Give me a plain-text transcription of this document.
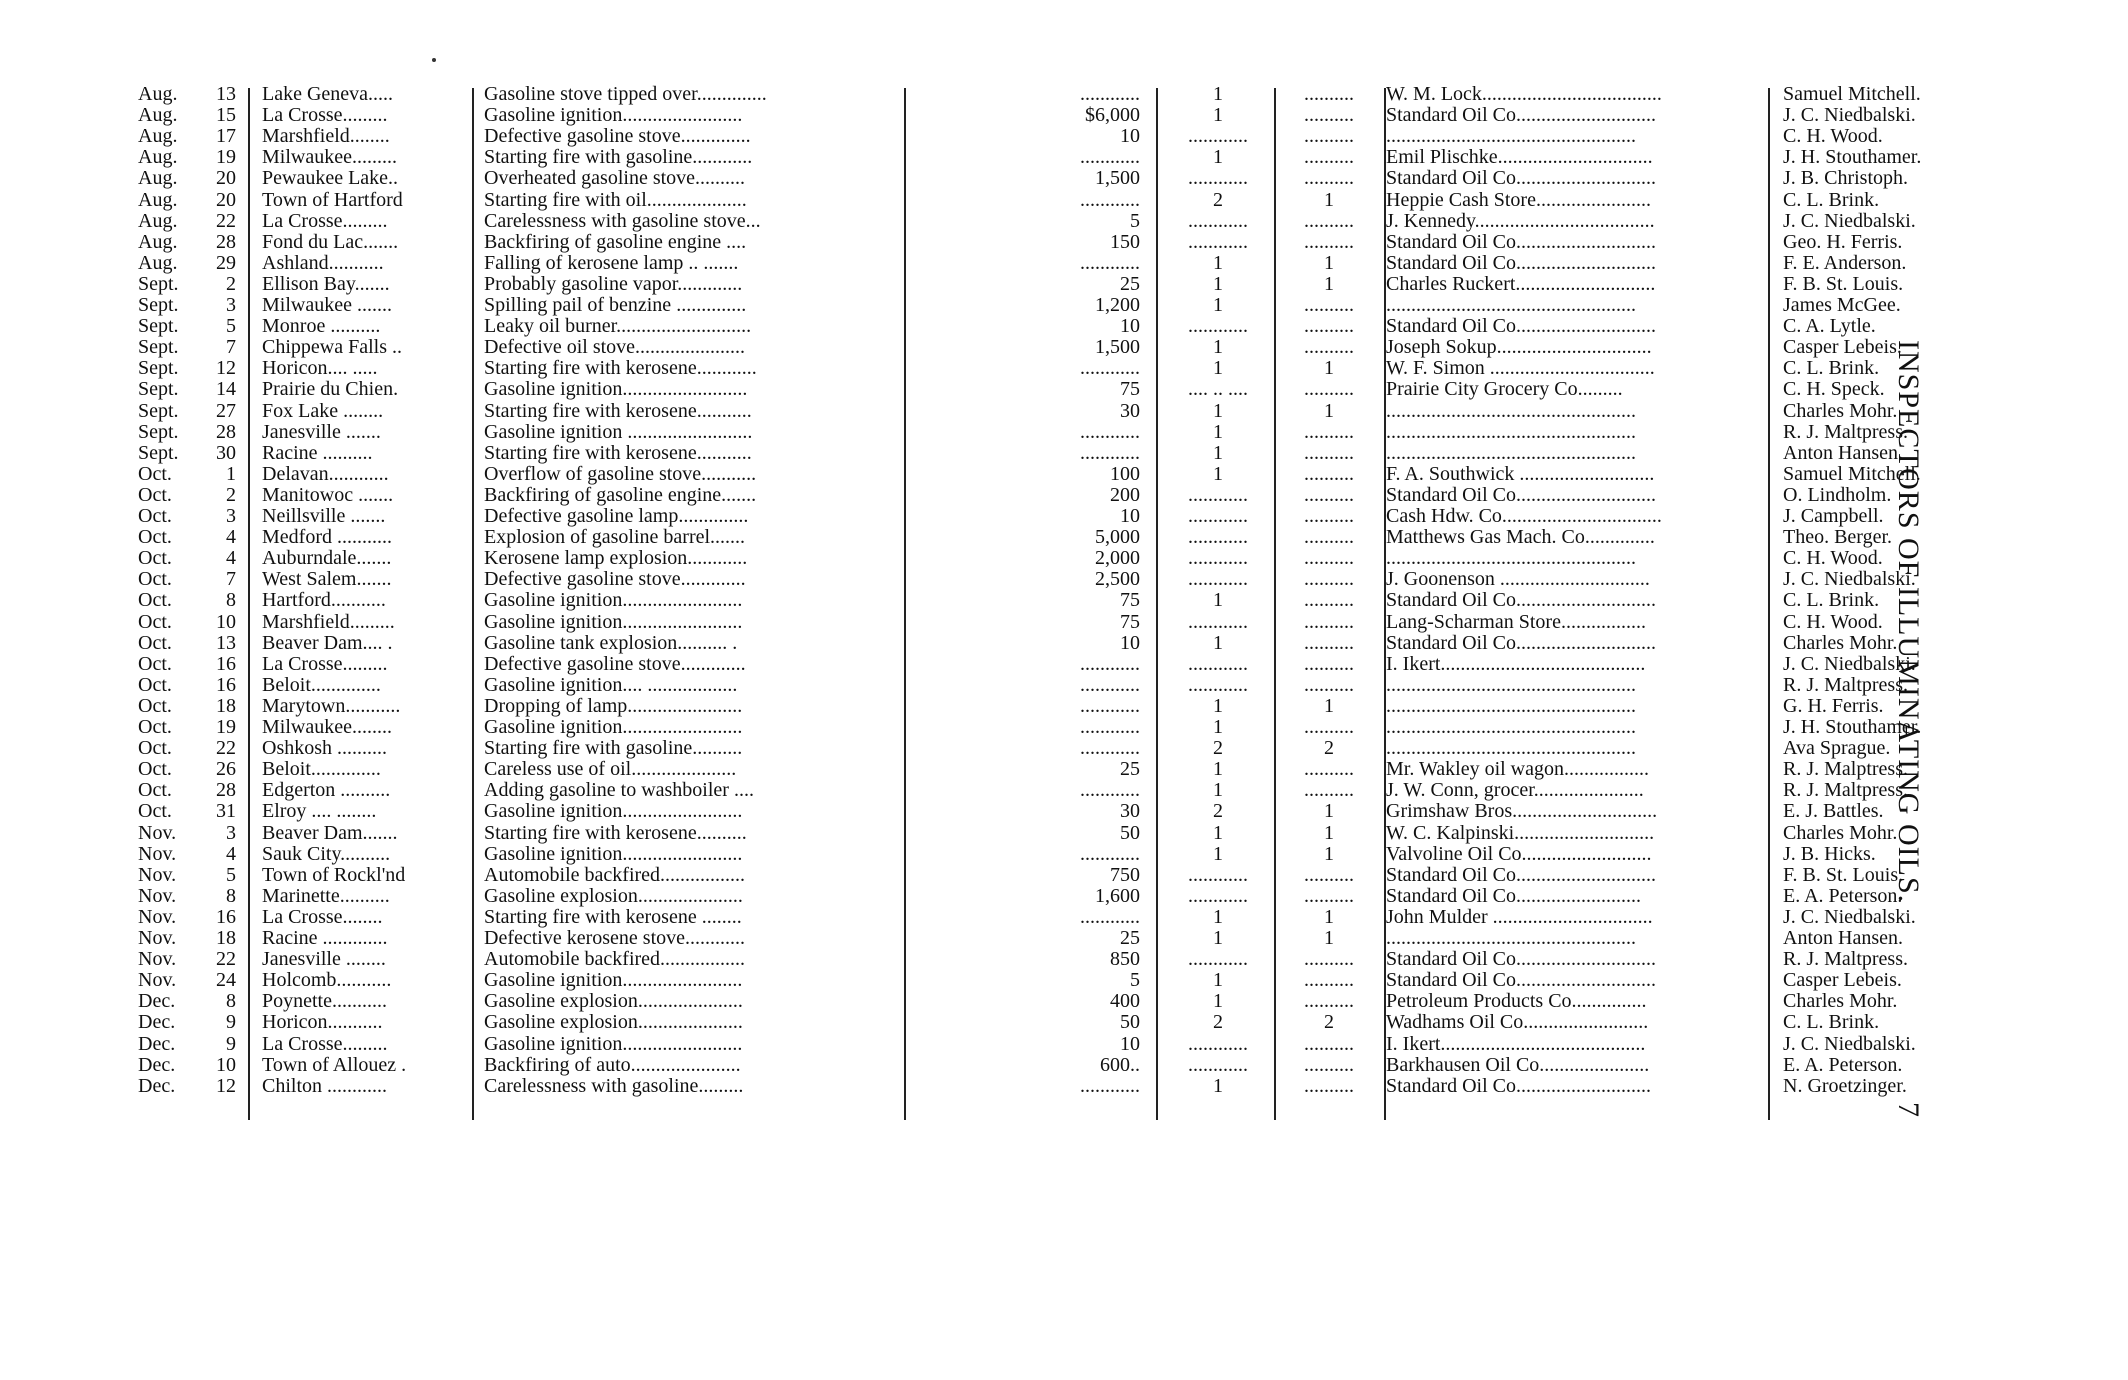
Aug.	13 Lake Geneva.....	Gasoline stove tipped over..............	............	1	..........	W. M. Lock....................................	Samuel Mitchell.
Aug.	15 La Crosse.........	Gasoline ignition........................	$6,000	1	..........	Standard Oil Co............................	J. C. Niedbalski.
Aug.	17 Marshfield........	Defective gasoline stove..............	10	............	..........	..................................................	C. H. Wood.
Aug.	19 Milwaukee.........	Starting fire with gasoline............	............	1	..........	Emil Plischke...............................	J. H. Stouthamer.
Aug.	20 Pewaukee Lake..	Overheated gasoline stove..........	1,500	............	..........	Standard Oil Co............................	J. B. Christoph.
Aug.	20 Town of Hartford	Starting fire with oil....................	............	2	1	Heppie Cash Store.......................	C. L. Brink.
Aug.	22 La Crosse.........	Carelessness with gasoline stove...	5	............	..........	J. Kennedy....................................	J. C. Niedbalski.
Aug.	28 Fond du Lac.......	Backfiring of gasoline engine ....	150	............	..........	Standard Oil Co............................	Geo. H. Ferris.
Aug.	29 Ashland...........	Falling of kerosene lamp .. .......	............	1	1	Standard Oil Co............................	F. E. Anderson.
Sept.	2 Ellison Bay.......	Probably gasoline vapor.............	25	1	1	Charles Ruckert............................	F. B. St. Louis.
Sept.	3 Milwaukee .......	Spilling pail of benzine ..............	1,200	1	..........	..................................................	James McGee.
Sept.	5 Monroe ..........	Leaky oil burner...........................	10	............	..........	Standard Oil Co............................	C. A. Lytle.
Sept.	7 Chippewa Falls ..	Defective oil stove......................	1,500	1	..........	Joseph Sokup...............................	Casper Lebeis.
Sept.	12 Horicon.... .....	Starting fire with kerosene............	............	1	1	W. F. Simon .................................	C. L. Brink.
Sept.	14 Prairie du Chien.	Gasoline ignition.........................	75	.... .. ....	..........	Prairie City Grocery Co.........	C. H. Speck.
Sept.	27 Fox Lake ........	Starting fire with kerosene...........	30	1	1	..................................................	Charles Mohr.
Sept.	28 Janesville .......	Gasoline ignition .........................	............	1	..........	..................................................	R. J. Maltpress.
Sept.	30 Racine ..........	Starting fire with kerosene...........	............	1	..........	..................................................	Anton Hansen.
Oct.	1 Delavan............	Overflow of gasoline stove...........	100	1	..........	F. A. Southwick ...........................	Samuel Mitchell.
Oct.	2 Manitowoc .......	Backfiring of gasoline engine.......	200	............	..........	Standard Oil Co............................	O. Lindholm.
Oct.	3 Neillsville .......	Defective gasoline lamp..............	10	............	..........	Cash Hdw. Co................................	J. Campbell.
Oct.	4 Medford ...........	Explosion of gasoline barrel.......	5,000	............	..........	Matthews Gas Mach. Co..............	Theo. Berger.
Oct.	4 Auburndale.......	Kerosene lamp explosion............	2,000	............	..........	..................................................	C. H. Wood.
Oct.	7 West Salem.......	Defective gasoline stove.............	2,500	............	..........	J. Goonenson ..............................	J. C. Niedbalski.
Oct.	8 Hartford...........	Gasoline ignition........................	75	1	..........	Standard Oil Co............................	C. L. Brink.
Oct.	10 Marshfield.........	Gasoline ignition........................	75	............	..........	Lang-Scharman Store.................	C. H. Wood.
Oct.	13 Beaver Dam.... .	Gasoline tank explosion.......... .	10	1	..........	Standard Oil Co............................	Charles Mohr.
Oct.	16 La Crosse.........	Defective gasoline stove.............	............	............	..........	I. Ikert.........................................	J. C. Niedbalski.
Oct.	16 Beloit..............	Gasoline ignition.... ..................	............	............	..........	..................................................	R. J. Maltpress.
Oct.	18 Marytown...........	Dropping of lamp.......................	............	1	1	..................................................	G. H. Ferris.
Oct.	19 Milwaukee........	Gasoline ignition........................	............	1	..........	..................................................	J. H. Stouthamer.
Oct.	22 Oshkosh ..........	Starting fire with gasoline..........	............	2	2	..................................................	Ava Sprague.
Oct.	26 Beloit..............	Careless use of oil.....................	25	1	..........	Mr. Wakley oil wagon.................	R. J. Malptress.
Oct.	28 Edgerton ..........	Adding gasoline to washboiler ....	............	1	..........	J. W. Conn, grocer......................	R. J. Maltpress.
Oct.	31 Elroy .... ........	Gasoline ignition........................	30	2	1	Grimshaw Bros.............................	E. J. Battles.
Nov.	3 Beaver Dam.......	Starting fire with kerosene..........	50	1	1	W. C. Kalpinski............................	Charles Mohr.
Nov.	4 Sauk City..........	Gasoline ignition........................	............	1	1	Valvoline Oil Co..........................	J. B. Hicks.
Nov.	5 Town of Rockl'nd	Automobile backfired.................	750	............	..........	Standard Oil Co............................	F. B. St. Louis.
Nov.	8 Marinette..........	Gasoline explosion.....................	1,600	............	..........	Standard Oil Co.........................	E. A. Peterson.
Nov.	16 La Crosse........	Starting fire with kerosene ........	............	1	1	John Mulder ................................	J. C. Niedbalski.
Nov.	18 Racine .............	Defective kerosene stove............	25	1	1	..................................................	Anton Hansen.
Nov.	22 Janesville ........	Automobile backfired.................	850	............	..........	Standard Oil Co............................	R. J. Maltpress.
Nov.	24 Holcomb...........	Gasoline ignition........................	5	1	..........	Standard Oil Co............................	Casper Lebeis.
Dec.	8 Poynette...........	Gasoline explosion.....................	400	1	..........	Petroleum Products Co...............	Charles Mohr.
Dec.	9 Horicon...........	Gasoline explosion.....................	50	2	2	Wadhams Oil Co.........................	C. L. Brink.
Dec.	9 La Crosse.........	Gasoline ignition........................	10	............	..........	I. Ikert.........................................	J. C. Niedbalski.
Dec.	10 Town of Allouez .	Backfiring of auto......................	600..	............	..........	Barkhausen Oil Co......................	E. A. Peterson.
Dec.	12 Chilton ............	Carelessness with gasoline.........	............	1	..........	Standard Oil Co...........................	N. Groetzinger.
INSPECTORS OF ILLUMINATING OILS.
7
